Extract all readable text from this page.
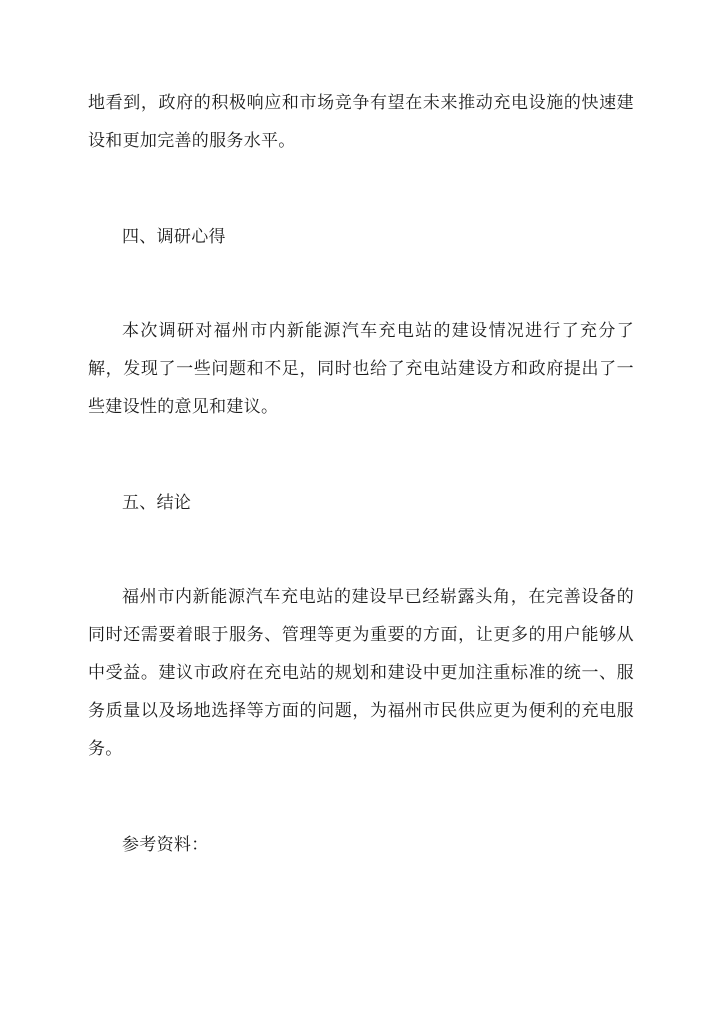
地看到，政府的积极响应和市场竞争有望在未来推动充电设施的快速建设和更加完善的服务水平。

四、调研心得

本次调研对福州市内新能源汽车充电站的建设情况进行了充分了解，发现了一些问题和不足，同时也给了充电站建设方和政府提出了一些建设性的意见和建议。

五、结论

福州市内新能源汽车充电站的建设早已经崭露头角，在完善设备的同时还需要着眼于服务、管理等更为重要的方面，让更多的用户能够从中受益。建议市政府在充电站的规划和建设中更加注重标准的统一、服务质量以及场地选择等方面的问题，为福州市民供应更为便利的充电服务。

参考资料：
